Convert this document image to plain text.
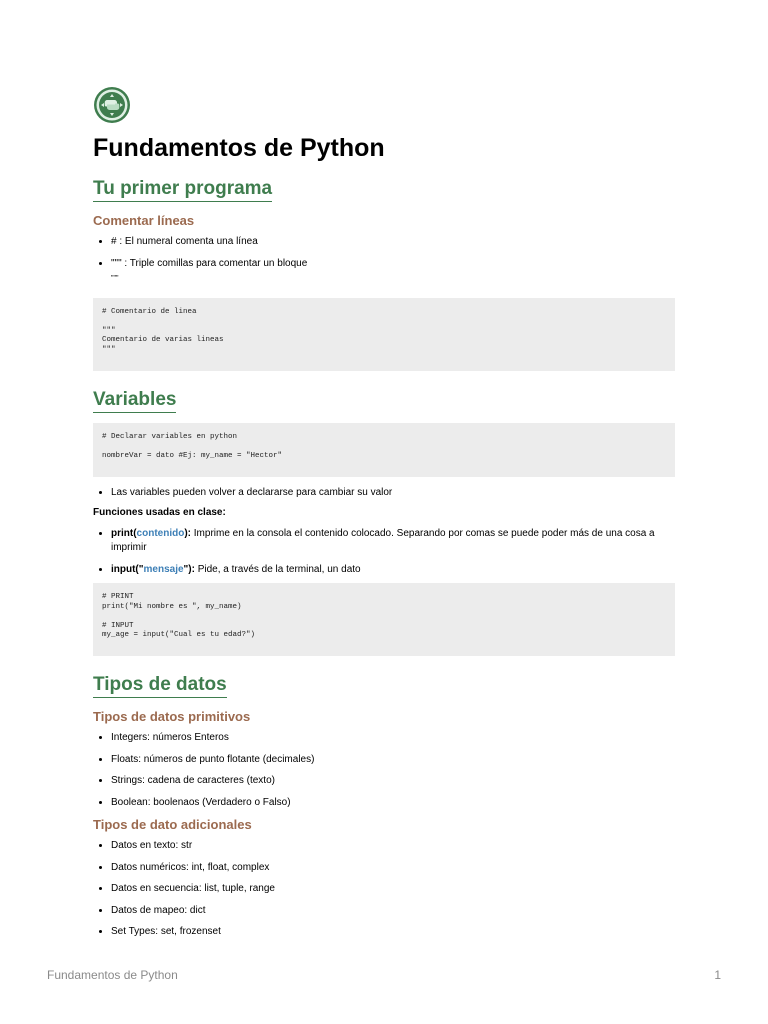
Fundamentos de Python
Tu primer programa
Comentar líneas
• # : El numeral comenta una línea
• """ : Triple comillas para comentar un bloque
"""
# Comentario de linea

"""
Comentario de varias lineas
"""
Variables
# Declarar variables en python

nombreVar = dato #Ej: my_name = "Hector"
• Las variables pueden volver a declararse para cambiar su valor

Funciones usadas en clase:

• print(contenido): Imprime en la consola el contenido colocado. Separando por comas se puede poder más de una cosa a imprimir
• input("mensaje"): Pide, a través de la terminal, un dato
# PRINT
print("Mi nombre es ", my_name)

# INPUT
my_age = input("Cual es tu edad?")
Tipos de datos
Tipos de datos primitivos
• Integers: números Enteros
• Floats: números de punto flotante (decimales)
• Strings: cadena de caracteres (texto)
• Boolean: boolenaos (Verdadero o Falso)
Tipos de dato adicionales
• Datos en texto: str
• Datos numéricos: int, float, complex
• Datos en secuencia: list, tuple, range
• Datos de mapeo: dict
• Set Types: set, frozenset
Fundamentos de Python	1
